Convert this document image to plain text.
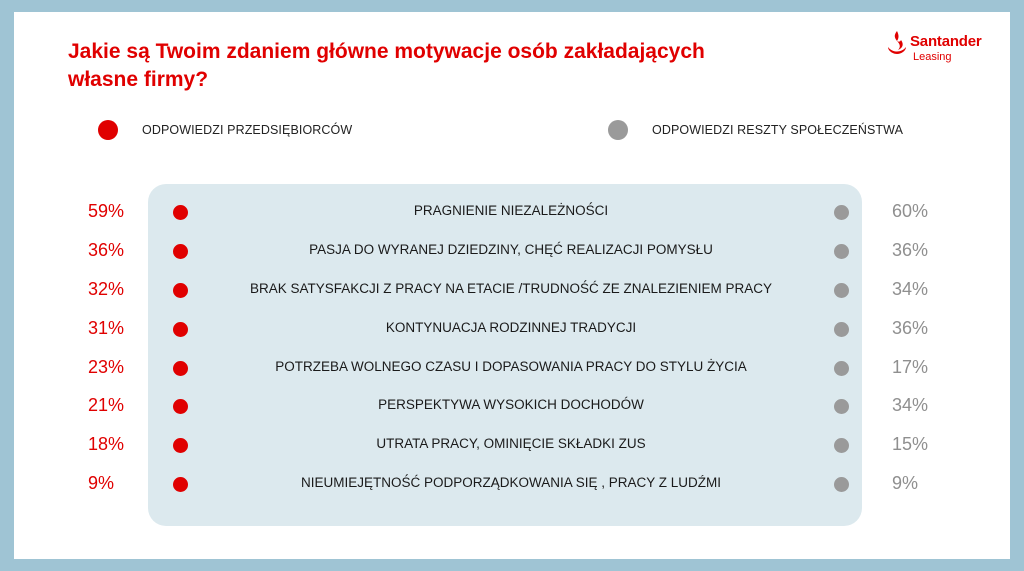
Jakie są Twoim zdaniem główne motywacje osób zakładających własne firmy?
Santander
Leasing
ODPOWIEDZI PRZEDSIĘBIORCÓW	ODPOWIEDZI RESZTY SPOŁECZEŃSTWA
59%	PRAGNIENIE NIEZALEŻNOŚCI	60%
36%	PASJA DO WYRANEJ DZIEDZINY, CHĘĆ REALIZACJI POMYSŁU	36%
32%	BRAK SATYSFAKCJI Z PRACY NA ETACIE /TRUDNOŚĆ ZE ZNALEZIENIEM PRACY	34%
31%	KONTYNUACJA RODZINNEJ TRADYCJI	36%
23%	POTRZEBA WOLNEGO CZASU I DOPASOWANIA PRACY DO STYLU ŻYCIA	17%
21%	PERSPEKTYWA WYSOKICH DOCHODÓW	34%
18%	UTRATA PRACY, OMINIĘCIE SKŁADKI ZUS	15%
9%	NIEUMIEJĘTNOŚĆ PODPORZĄDKOWANIA SIĘ , PRACY Z LUDŹMI	9%
